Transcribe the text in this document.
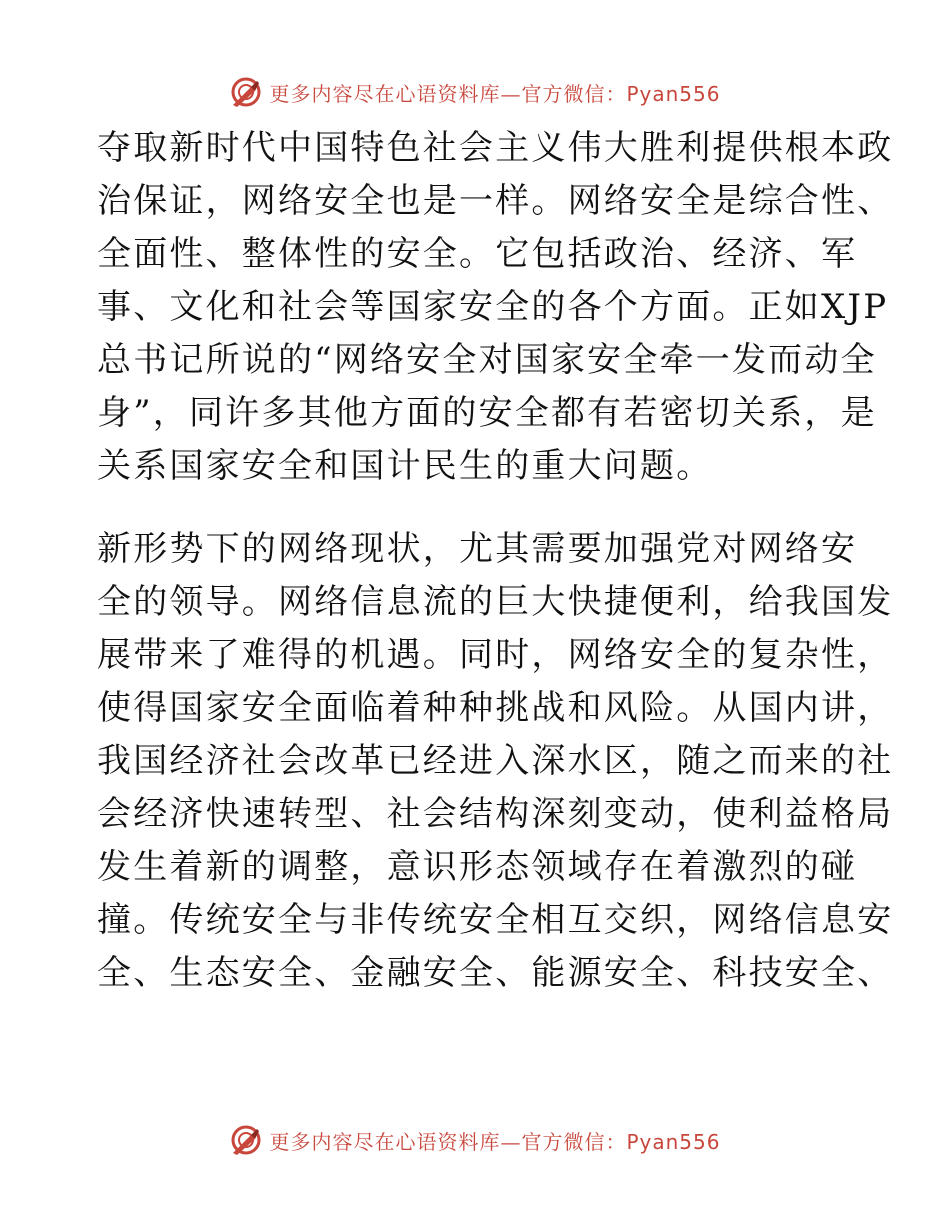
更多内容尽在心语资料库—官方微信：Pyan556
夺取新时代中国特色社会主义伟大胜利提供根本政
治保证，网络安全也是一样。网络安全是综合性、
全面性、整体性的安全。它包括政治、经济、军
事、文化和社会等国家安全的各个方面。正如XJP
总书记所说的“网络安全对国家安全牵一发而动全
身”，同许多其他方面的安全都有若密切关系，是
关系国家安全和国计民生的重大问题。
新形势下的网络现状，尤其需要加强党对网络安
全的领导。网络信息流的巨大快捷便利，给我国发
展带来了难得的机遇。同时，网络安全的复杂性，
使得国家安全面临着种种挑战和风险。从国内讲，
我国经济社会改革已经进入深水区，随之而来的社
会经济快速转型、社会结构深刻变动，使利益格局
发生着新的调整，意识形态领域存在着激烈的碰
撞。传统安全与非传统安全相互交织，网络信息安
全、生态安全、金融安全、能源安全、科技安全、
更多内容尽在心语资料库—官方微信：Pyan556
